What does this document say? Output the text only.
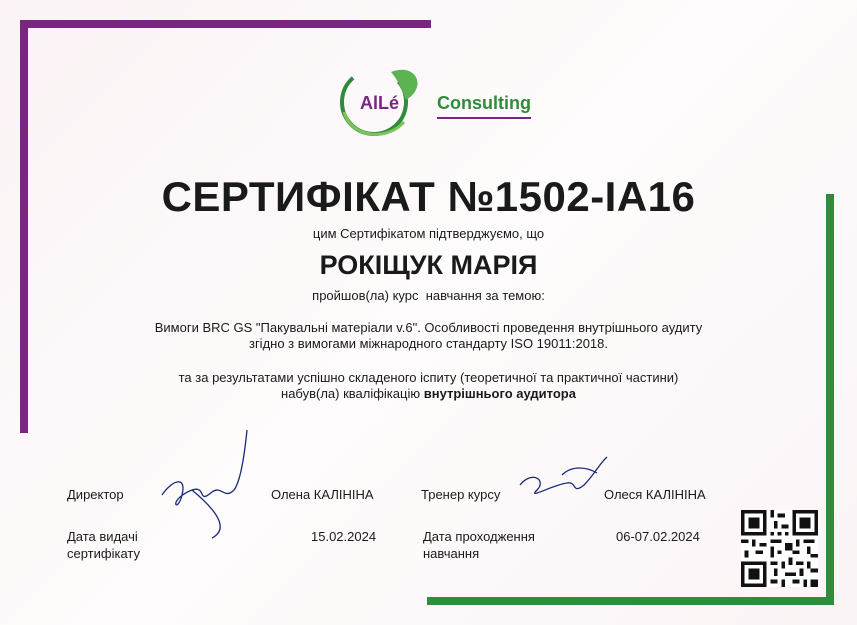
AlLé Consulting
СЕРТИФІКАТ №1502-IA16
цим Сертифікатом підтверджуємо, що
РОКІЩУК МАРІЯ
пройшов(ла) курс  навчання за темою:
Вимоги BRC GS "Пакувальні матеріали v.6". Особливості проведення внутрішнього аудиту
згідно з вимогами міжнародного стандарту ISO 19011:2018.
та за результатами успішно складеного іспиту (теоретичної та практичної частини)
набув(ла) кваліфікацію внутрішнього аудитора
Директор	Олена КАЛІНІНА
Дата видачі
сертифікату
15.02.2024
Тренер курсу	Олеся КАЛІНІНА
Дата проходження
навчання
06-07.02.2024
